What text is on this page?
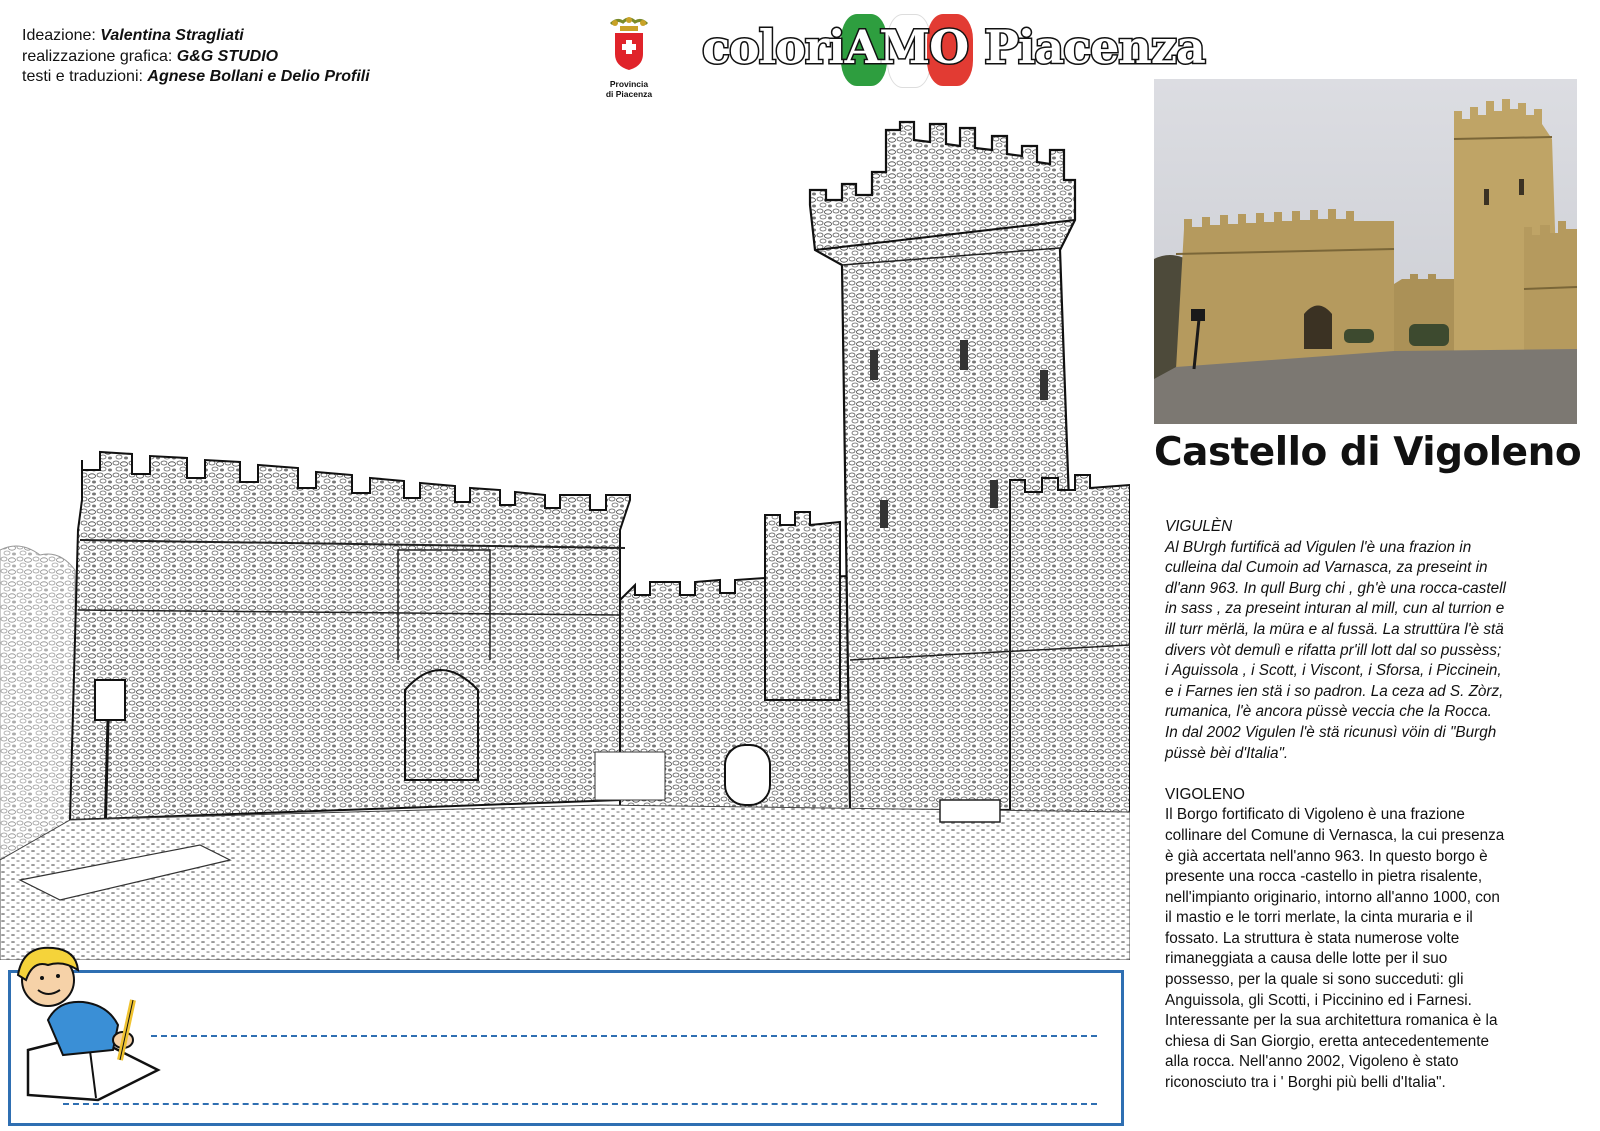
Ideazione: Valentina Stragliati
realizzazione grafica: G&G STUDIO
testi e traduzioni: Agnese Bollani e Delio Profili	Provincia
di Piacenza
colori AMO Piacenza
Castello di Vigoleno

VIGULÈN

Al BUrgh furtificä ad Vigulen l'è una frazion in

culleina dal Cumoin ad Varnasca, za preseint in

dl'ann 963. In qull Burg chi , gh'è una rocca-castell

in sass , za preseint inturan al mill, cun al turrion e

ill turr mërlä, la müra e al fussä. La struttüra l'è stä

divers vòt demulì e rifatta pr'ill lott dal so pussèss;

i Aguissola , i Scott, i Viscont, i Sforsa, i Piccinein,

e i Farnes ien stä i so padron. La ceza ad S. Zòrz,

rumanica, l'è ancora püssè veccia che la Rocca.

In dal 2002 Vigulen l'è stä ricunusì vöin di "Burgh

püssè bèi d'Italia".

VIGOLENO

Il Borgo fortificato di Vigoleno è una frazione

collinare del Comune di Vernasca, la cui presenza

è già accertata nell'anno 963. In questo borgo è

presente una rocca -castello in pietra risalente,

nell'impianto originario, intorno all'anno 1000, con

il mastio e le torri merlate, la cinta muraria e il

fossato. La struttura è stata numerose volte

rimaneggiata a causa delle lotte per il suo

possesso, per la quale si sono succeduti: gli

Anguissola, gli Scotti, i Piccinino ed i Farnesi.

Interessante per la sua architettura romanica è la

chiesa di San Giorgio, eretta antecedentemente

alla rocca. Nell'anno 2002, Vigoleno è stato

riconosciuto tra i ' Borghi più belli d'Italia".
